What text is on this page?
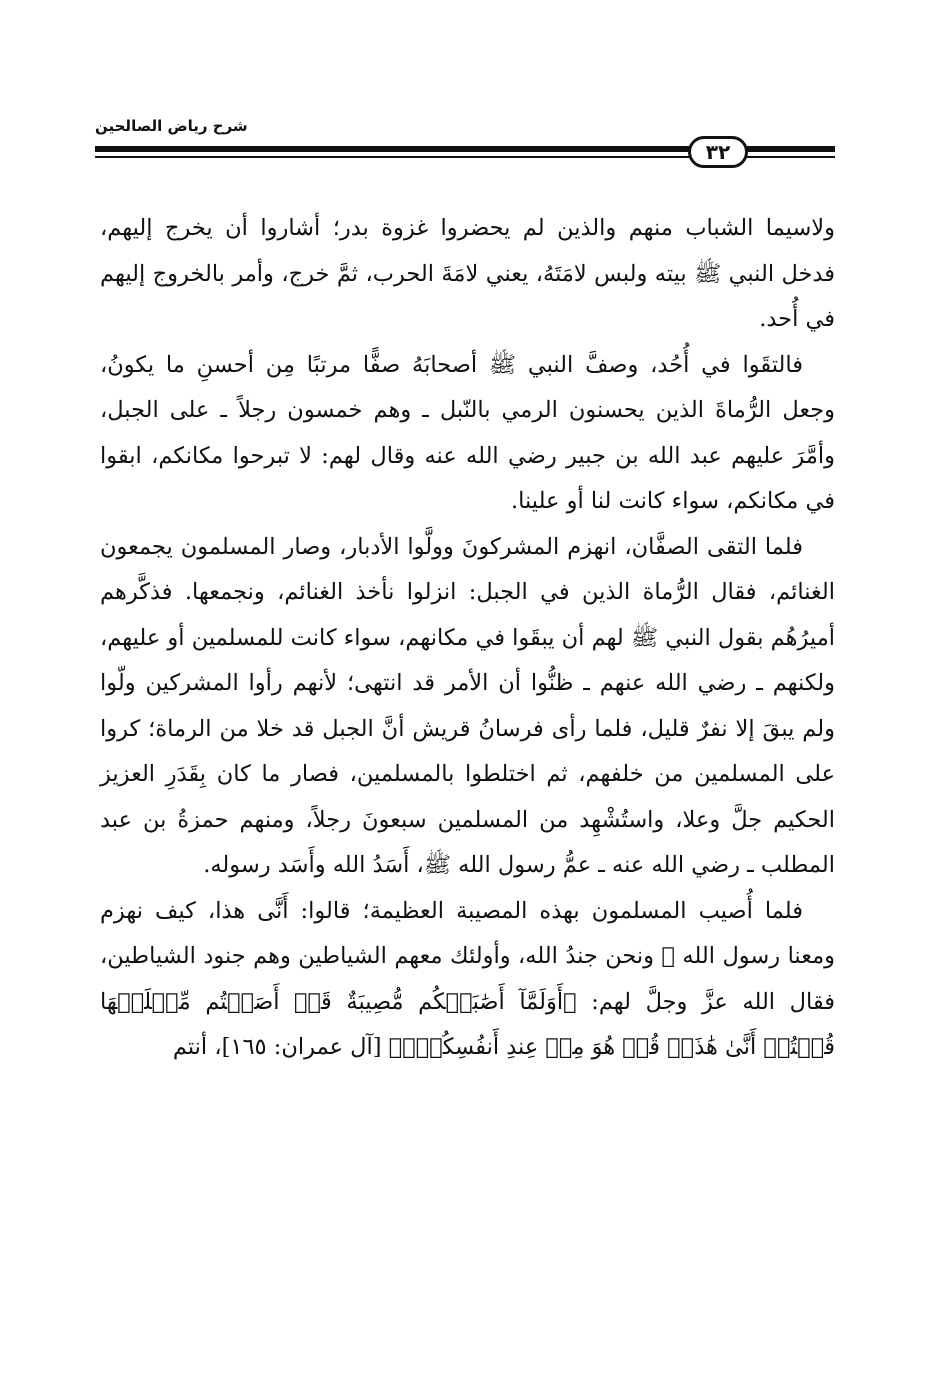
شرح رياض الصالحين
٣٢

ولاسيما الشباب منهم والذين لم يحضروا غزوة بدر؛ أشاروا أن يخرج إليهم، فدخل النبي ﷺ بيته ولبس لامَتَهُ، يعني لامَةَ الحرب، ثمَّ خرج، وأمر بالخروج إليهم في أُحد.

فالتقَوا في أُحُد، وصفَّ النبي ﷺ أصحابَهُ صفًّا مرتبًا مِن أحسنِ ما يكونُ، وجعل الرُّماةَ الذين يحسنون الرمي بالنّبل ـ وهم خمسون رجلاً ـ على الجبل، وأمَّرَ عليهم عبد الله بن جبير رضي الله عنه وقال لهم: لا تبرحوا مكانكم، ابقوا في مكانكم، سواء كانت لنا أو علينا.

فلما التقى الصفَّان، انهزم المشركونَ وولَّوا الأدبار، وصار المسلمون يجمعون الغنائم، فقال الرُّماة الذين في الجبل: انزلوا نأخذ الغنائم، ونجمعها. فذكَّرهم أميرُهُم بقول النبي ﷺ لهم أن يبقَوا في مكانهم، سواء كانت للمسلمين أو عليهم، ولكنهم ـ رضي الله عنهم ـ ظنُّوا أن الأمر قد انتهى؛ لأنهم رأوا المشركين ولّوا ولم يبقَ إلا نفرٌ قليل، فلما رأى فرسانُ قريش أنَّ الجبل قد خلا من الرماة؛ كروا على المسلمين من خلفهم، ثم اختلطوا بالمسلمين، فصار ما كان بِقَدَرِ العزيز الحكيم جلَّ وعلا، واستُشْهِد من المسلمين سبعونَ رجلاً، ومنهم حمزةُ بن عبد المطلب ـ رضي الله عنه ـ عمُّ رسول الله ﷺ، أَسَدُ الله وأَسَد رسوله.

فلما أُصيب المسلمون بهذه المصيبة العظيمة؛ قالوا: أَنَّى هذا، كيف نهزم ومعنا رسول الله ﷺ ونحن جندُ الله، وأولئك معهم الشياطين وهم جنود الشياطين، فقال الله عزَّ وجلَّ لهم: ﴿أَوَلَمَّآ أَصَٰبَتۡكُم مُّصِيبَةٌ قَدۡ أَصَبۡتُم مِّثۡلَيۡهَا قُلۡتُمۡ أَنَّىٰ هَٰذَاۖ قُلۡ هُوَ مِنۡ عِندِ أَنفُسِكُمۡۗ﴾ [آل عمران: ١٦٥]، أنتم
